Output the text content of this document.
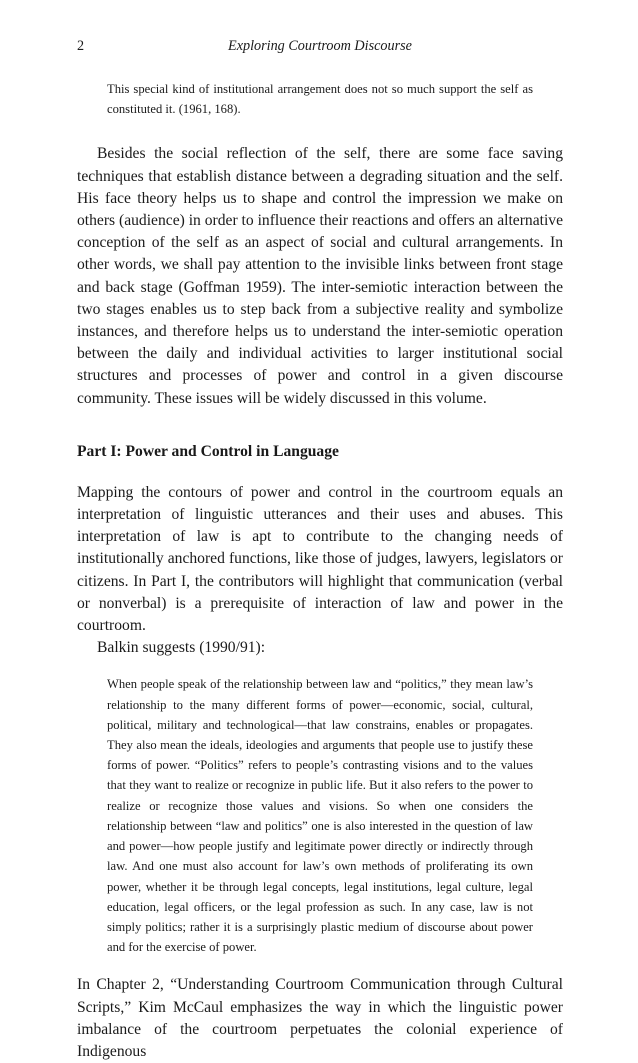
2	Exploring Courtroom Discourse

This special kind of institutional arrangement does not so much support the self as constituted it. (1961, 168).

Besides the social reflection of the self, there are some face saving techniques that establish distance between a degrading situation and the self. His face theory helps us to shape and control the impression we make on others (audience) in order to influence their reactions and offers an alternative conception of the self as an aspect of social and cultural arrangements. In other words, we shall pay attention to the invisible links between front stage and back stage (Goffman 1959). The inter-semiotic interaction between the two stages enables us to step back from a subjective reality and symbolize instances, and therefore helps us to understand the inter-semiotic operation between the daily and individual activities to larger institutional social structures and processes of power and control in a given discourse community. These issues will be widely discussed in this volume.

Part I: Power and Control in Language

Mapping the contours of power and control in the courtroom equals an interpretation of linguistic utterances and their uses and abuses. This interpretation of law is apt to contribute to the changing needs of institutionally anchored functions, like those of judges, lawyers, legislators or citizens. In Part I, the contributors will highlight that communication (verbal or nonverbal) is a prerequisite of interaction of law and power in the courtroom.

Balkin suggests (1990/91):

When people speak of the relationship between law and “politics,” they mean law’s relationship to the many different forms of power—economic, social, cultural, political, military and technological—that law constrains, enables or propagates. They also mean the ideals, ideologies and arguments that people use to justify these forms of power. “Politics” refers to people’s contrasting visions and to the values that they want to realize or recognize in public life. But it also refers to the power to realize or recognize those values and visions. So when one considers the relationship between “law and politics” one is also interested in the question of law and power—how people justify and legitimate power directly or indirectly through law. And one must also account for law’s own methods of proliferating its own power, whether it be through legal concepts, legal institutions, legal culture, legal education, legal officers, or the legal profession as such. In any case, law is not simply politics; rather it is a surprisingly plastic medium of discourse about power and for the exercise of power.

In Chapter 2, “Understanding Courtroom Communication through Cultural Scripts,” Kim McCaul emphasizes the way in which the linguistic power imbalance of the courtroom perpetuates the colonial experience of Indigenous
